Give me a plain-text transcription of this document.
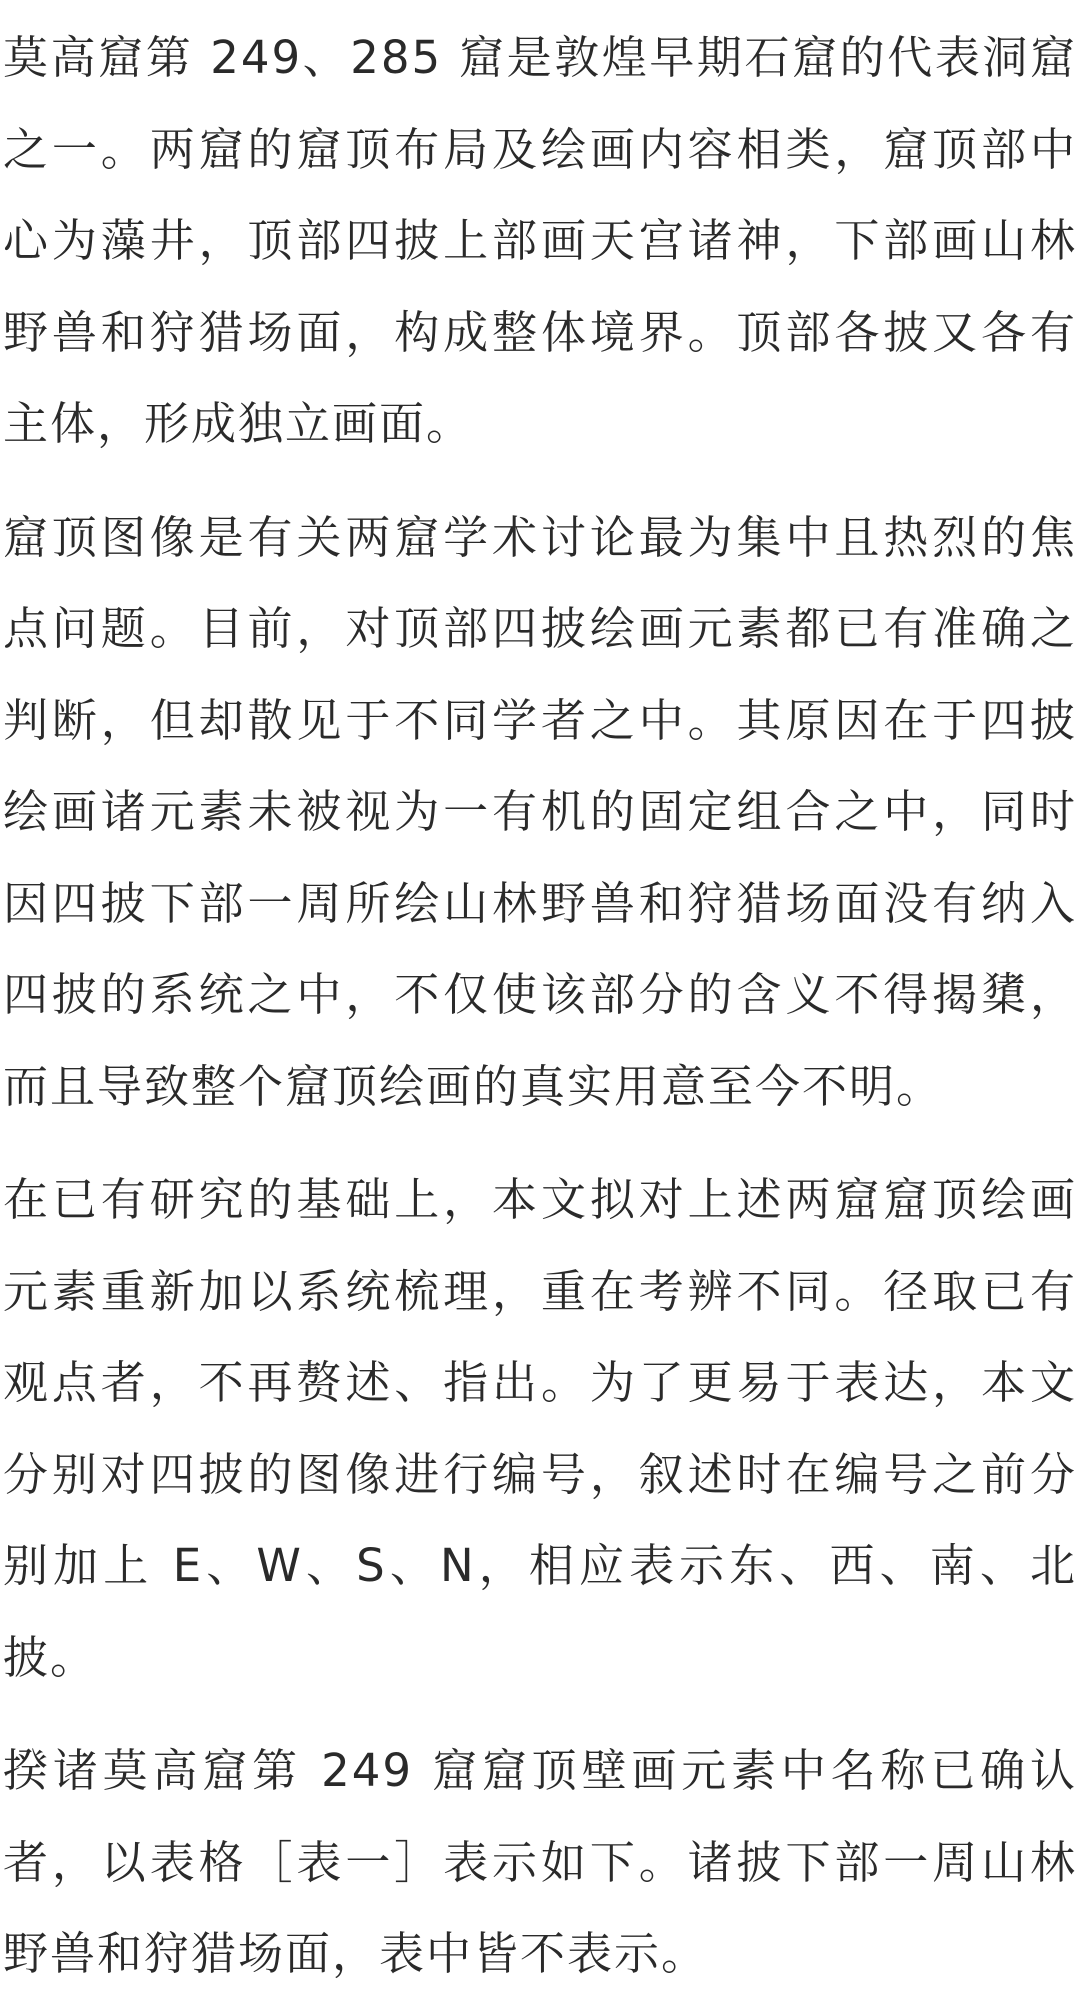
莫高窟第 249、285 窟是敦煌早期石窟的代表洞窟之一。两窟的窟顶布局及绘画内容相类，窟顶部中心为藻井，顶部四披上部画天宫诸神，下部画山林野兽和狩猎场面，构成整体境界。顶部各披又各有主体，形成独立画面。

窟顶图像是有关两窟学术讨论最为集中且热烈的焦点问题。目前，对顶部四披绘画元素都已有准确之判断，但却散见于不同学者之中。其原因在于四披绘画诸元素未被视为一有机的固定组合之中，同时因四披下部一周所绘山林野兽和狩猎场面没有纳入四披的系统之中，不仅使该部分的含义不得揭橥，而且导致整个窟顶绘画的真实用意至今不明。

在已有研究的基础上，本文拟对上述两窟窟顶绘画元素重新加以系统梳理，重在考辨不同。径取已有观点者，不再赘述、指出。为了更易于表达，本文分别对四披的图像进行编号，叙述时在编号之前分别加上 E、W、S、N，相应表示东、西、南、北披。

揆诸莫高窟第 249 窟窟顶壁画元素中名称已确认者，以表格［表一］表示如下。诸披下部一周山林野兽和狩猎场面，表中皆不表示。
